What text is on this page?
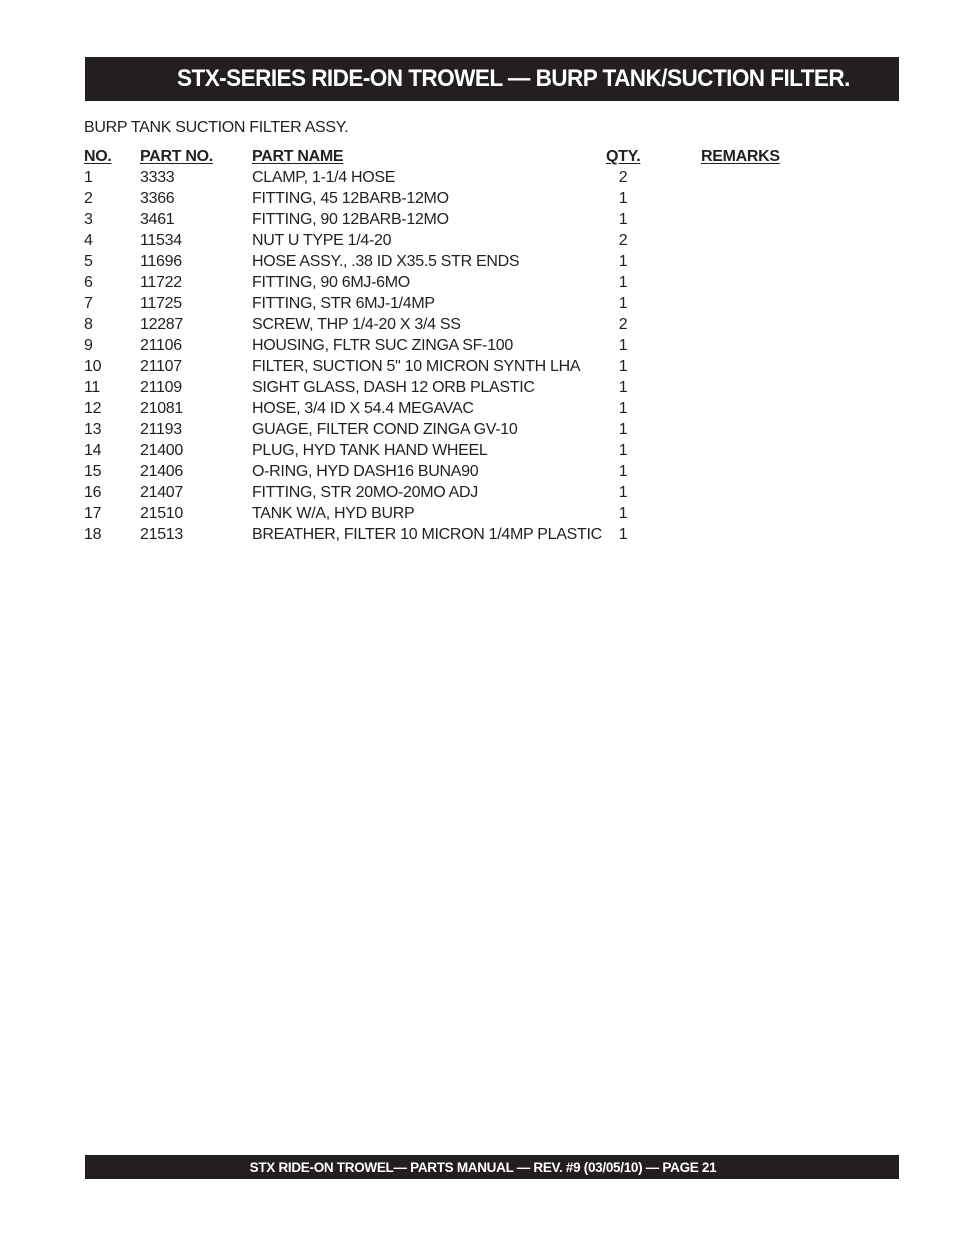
STX-SERIES RIDE-ON TROWEL — BURP TANK/SUCTION FILTER.
BURP TANK SUCTION FILTER ASSY.
NO. PART NO. PART NAME	QTY.	REMARKS
1	3333	CLAMP, 1-1/4 HOSE	2
2	3366	FITTING, 45 12BARB-12MO	1
3	3461	FITTING, 90 12BARB-12MO	1
4	11534	NUT U TYPE 1/4-20	2
5	11696	HOSE ASSY., .38 ID X35.5 STR ENDS	1
6	11722	FITTING, 90 6MJ-6MO	1
7	11725	FITTING, STR 6MJ-1/4MP	1
8	12287	SCREW, THP 1/4-20 X 3/4 SS	2
9	21106	HOUSING, FLTR SUC ZINGA SF-100	1
10 21107	FILTER, SUCTION 5" 10 MICRON SYNTH LHA 1
11 21109	SIGHT GLASS, DASH 12 ORB PLASTIC	1
12 21081	HOSE, 3/4 ID X 54.4 MEGAVAC	1
13 21193	GUAGE, FILTER COND ZINGA GV-10	1
14 21400	PLUG, HYD TANK HAND WHEEL	1
15 21406	O-RING, HYD DASH16 BUNA90	1
16 21407	FITTING, STR 20MO-20MO ADJ	1
17 21510	TANK W/A, HYD BURP	1
18 21513	BREATHER, FILTER 10 MICRON 1/4MP PLASTIC 1
STX RIDE-ON TROWEL— PARTS MANUAL — REV. #9 (03/05/10) — PAGE 21
